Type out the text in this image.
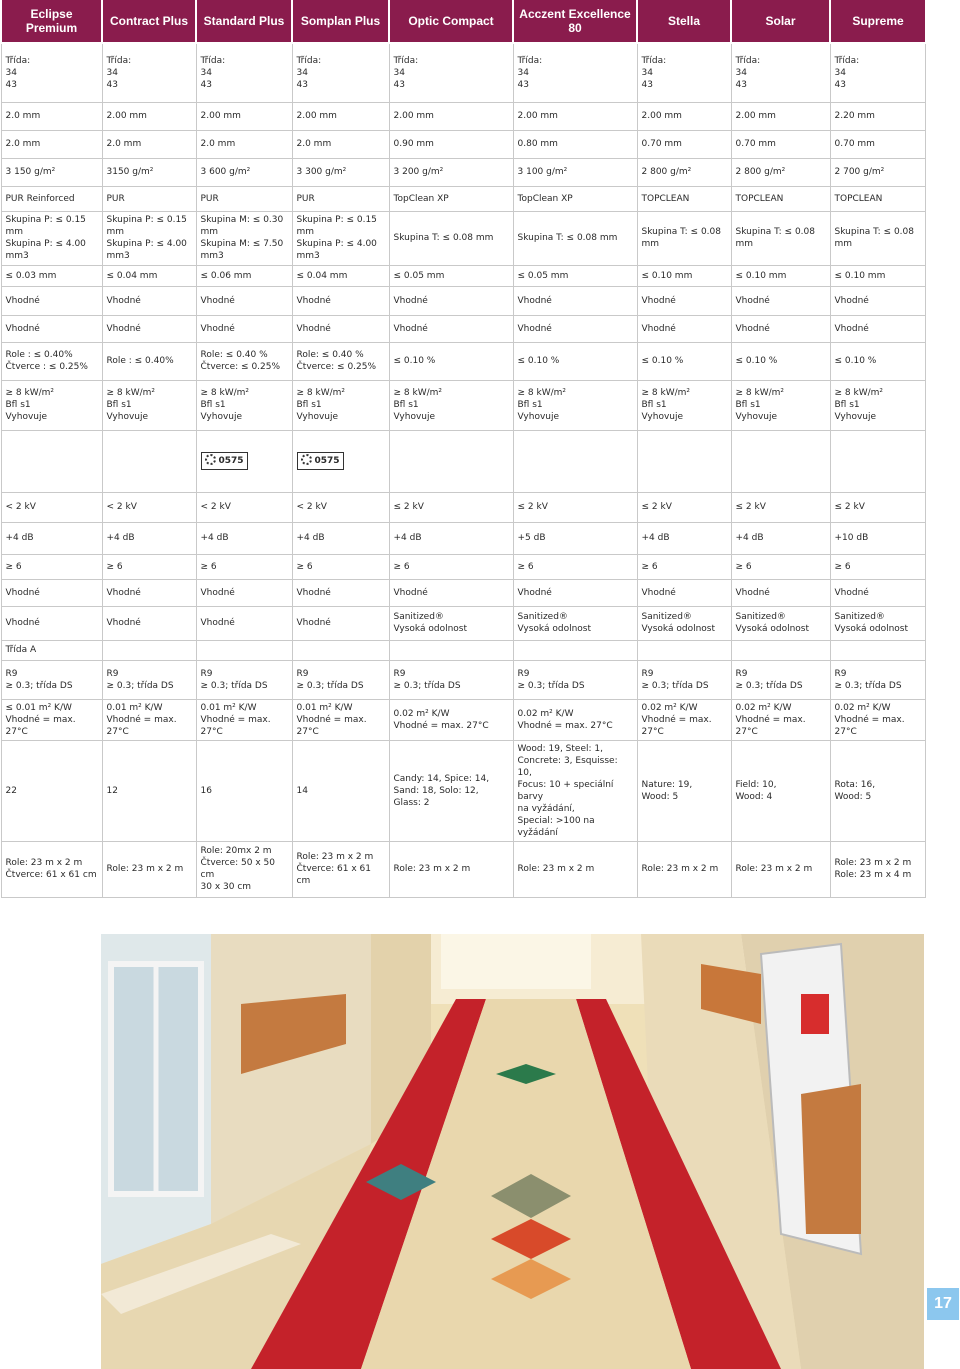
Eclipse Premium	Contract Plus	Standard Plus	Somplan Plus	Optic Compact	Acczent Excellence 80	Stella	Solar	Supreme

Třída:
34
43	Třída:
34
43	Třída:
34
43	Třída:
34
43	Třída:
34
43	Třída:
34
43	Třída:
34
43	Třída:
34
43	Třída:
34
43

2.0 mm	2.00 mm	2.00 mm	2.00 mm	2.00 mm	2.00 mm	2.00 mm	2.00 mm	2.20 mm

2.0 mm	2.0 mm	2.0 mm	2.0 mm	0.90 mm	0.80 mm	0.70 mm	0.70 mm	0.70 mm

3 150 g/m²	3150 g/m²	3 600 g/m²	3 300 g/m²	3 200 g/m²	3 100 g/m²	2 800 g/m²	2 800 g/m²	2 700 g/m²

PUR Reinforced	PUR	PUR	PUR	TopClean XP	TopClean XP	TOPCLEAN	TOPCLEAN	TOPCLEAN

Skupina P: ≤ 0.15 mm
Skupina P: ≤ 4.00 mm3	Skupina P: ≤ 0.15 mm
Skupina P: ≤ 4.00 mm3	Skupina M: ≤ 0.30 mm
Skupina M: ≤ 7.50 mm3	Skupina P: ≤ 0.15 mm
Skupina P: ≤ 4.00 mm3	Skupina T: ≤ 0.08 mm	Skupina T: ≤ 0.08 mm	Skupina T: ≤ 0.08 mm	Skupina T: ≤ 0.08 mm	Skupina T: ≤ 0.08 mm

≤ 0.03 mm	≤ 0.04 mm	≤ 0.06 mm	≤ 0.04 mm	≤ 0.05 mm	≤ 0.05 mm	≤ 0.10 mm	≤ 0.10 mm	≤ 0.10 mm

Vhodné	Vhodné	Vhodné	Vhodné	Vhodné	Vhodné	Vhodné	Vhodné	Vhodné

Vhodné	Vhodné	Vhodné	Vhodné	Vhodné	Vhodné	Vhodné	Vhodné	Vhodné

Role : ≤ 0.40%
Čtverce : ≤ 0.25%	Role : ≤ 0.40%	Role: ≤ 0.40 %
Čtverce: ≤ 0.25%	Role: ≤ 0.40 %
Čtverce: ≤ 0.25%	≤ 0.10 %	≤ 0.10 %	≤ 0.10 %	≤ 0.10 %	≤ 0.10 %

≥ 8 kW/m²
Bfl s1
Vyhovuje	≥ 8 kW/m²
Bfl s1
Vyhovuje	≥ 8 kW/m²
Bfl s1
Vyhovuje	≥ 8 kW/m²
Bfl s1
Vyhovuje	≥ 8 kW/m²
Bfl s1
Vyhovuje	≥ 8 kW/m²
Bfl s1
Vyhovuje	≥ 8 kW/m²
Bfl s1
Vyhovuje	≥ 8 kW/m²
Bfl s1
Vyhovuje	≥ 8 kW/m²
Bfl s1
Vyhovuje

		0575	0575					

< 2 kV	< 2 kV	< 2 kV	< 2 kV	≤ 2 kV	≤ 2 kV	≤ 2 kV	≤ 2 kV	≤ 2 kV

+4 dB	+4 dB	+4 dB	+4 dB	+4 dB	+5 dB	+4 dB	+4 dB	+10 dB

≥ 6	≥ 6	≥ 6	≥ 6	≥ 6	≥ 6	≥ 6	≥ 6	≥ 6

Vhodné	Vhodné	Vhodné	Vhodné	Vhodné	Vhodné	Vhodné	Vhodné	Vhodné

Vhodné	Vhodné	Vhodné	Vhodné	Sanitized®
Vysoká odolnost	Sanitized®
Vysoká odolnost	Sanitized®
Vysoká odolnost	Sanitized®
Vysoká odolnost	Sanitized®
Vysoká odolnost

Třída A								

R9
≥ 0.3; třída DS	R9
≥ 0.3; třída DS	R9
≥ 0.3; třída DS	R9
≥ 0.3; třída DS	R9
≥ 0.3; třída DS	R9
≥ 0.3; třída DS	R9
≥ 0.3; třída DS	R9
≥ 0.3; třída DS	R9
≥ 0.3; třída DS

≤ 0.01 m² K/W
Vhodné = max. 27°C	0.01 m² K/W
Vhodné = max. 27°C	0.01 m² K/W
Vhodné = max. 27°C	0.01 m² K/W
Vhodné = max. 27°C	0.02 m² K/W
Vhodné = max. 27°C	0.02 m² K/W
Vhodné = max. 27°C	0.02 m² K/W
Vhodné = max. 27°C	0.02 m² K/W
Vhodné = max. 27°C	0.02 m² K/W
Vhodné = max. 27°C

22	12	16	14	Candy: 14, Spice: 14,
Sand: 18, Solo: 12, Glass: 2	Wood: 19, Steel: 1,
Concrete: 3, Esquisse: 10,
Focus: 10 + speciální barvy
na vyžádání,
Special: >100 na vyžádání	Nature: 19,
Wood: 5	Field: 10,
Wood: 4	Rota: 16,
Wood: 5

Role: 23 m x 2 m
Čtverce: 61 x 61 cm	Role: 23 m x 2 m	Role: 20mx 2 m
Čtverce: 50 x 50 cm
30 x 30 cm	Role: 23 m x 2 m
Čtverce: 61 x 61 cm	Role: 23 m x 2 m	Role: 23 m x 2 m	Role: 23 m x 2 m	Role: 23 m x 2 m	Role: 23 m x 2 m
Role: 23 m x 4 m
17
